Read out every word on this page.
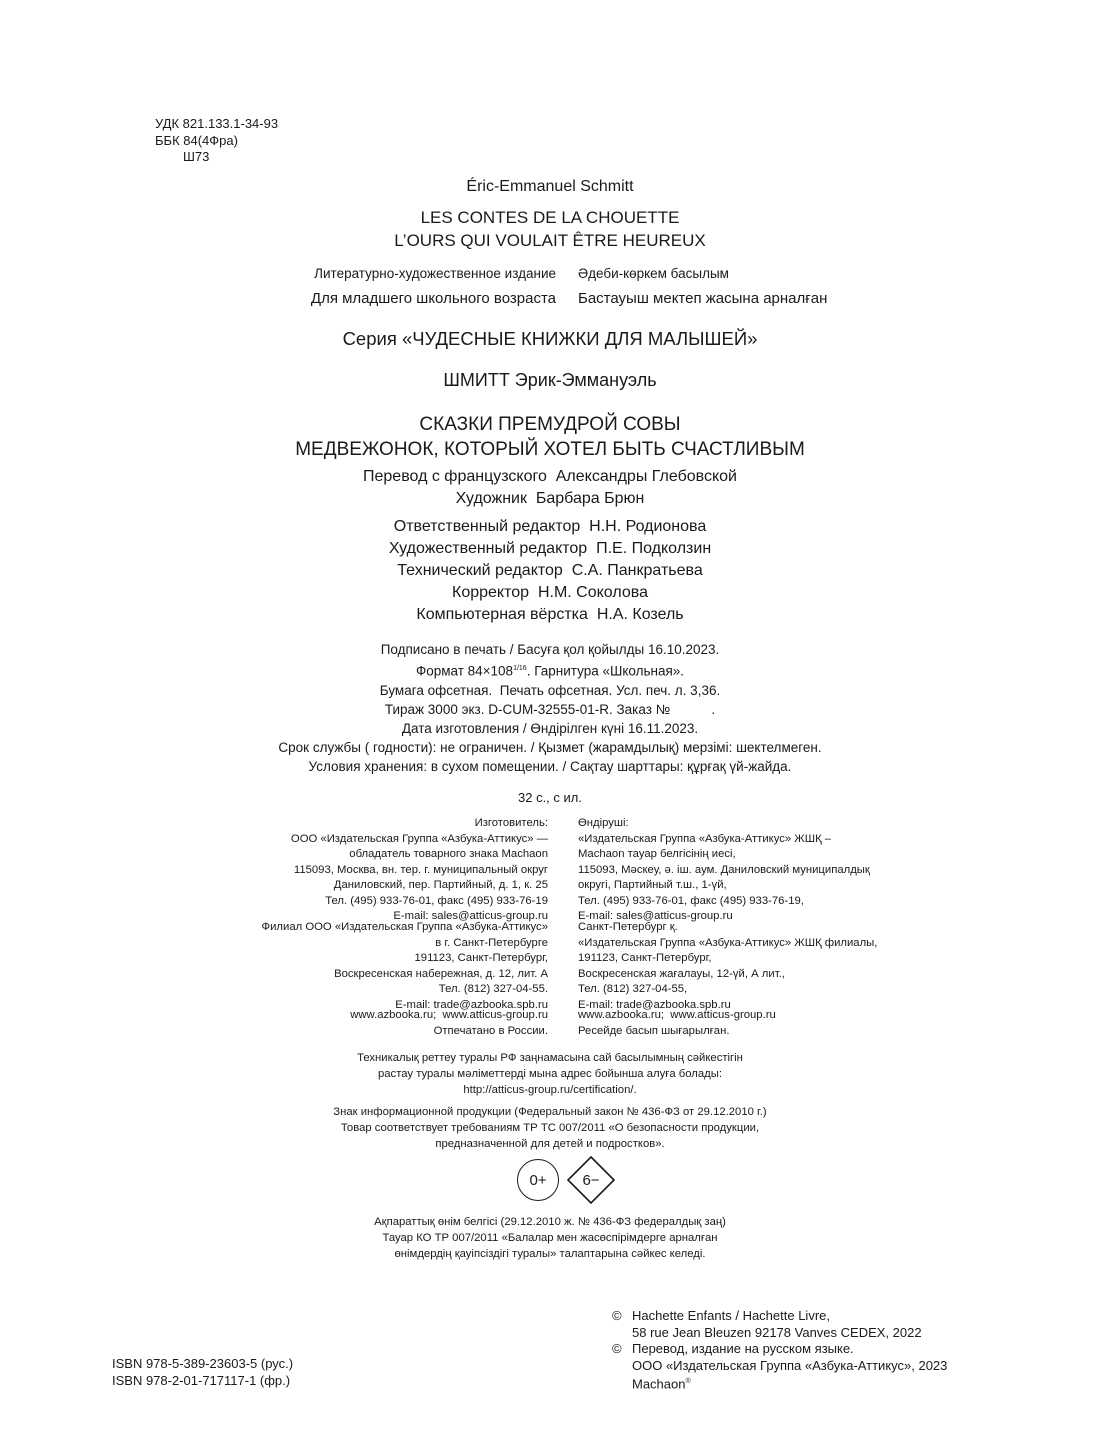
УДК 821.133.1-34-93
ББК 84(4Фра)
Ш73
Éric-Emmanuel Schmitt
LES CONTES DE LA CHOUETTE
L’OURS QUI VOULAIT ÊTRE HEUREUX
Литературно-художественное издание Әдеби-көркем басылым
Для младшего школьного возраста Бастауыш мектеп жасына арналған
Серия «ЧУДЕСНЫЕ КНИЖКИ ДЛЯ МАЛЫШЕЙ»
ШМИТТ Эрик-Эммануэль
СКАЗКИ ПРЕМУДРОЙ СОВЫ
МЕДВЕЖОНОК, КОТОРЫЙ ХОТЕЛ БЫТЬ СЧАСТЛИВЫМ
Перевод с французского  Александры Глебовской
Художник  Барбара Брюн
Ответственный редактор  Н.Н. Родионова
Художественный редактор  П.Е. Подколзин
Технический редактор  С.А. Панкратьева
Корректор  Н.М. Соколова
Компьютерная вёрстка  Н.А. Козель
Подписано в печать / Басуға қол қойылды 16.10.2023.
Формат $84\times 108^{1/16}$. Гарнитура «Школьная».
Бумага офсетная.  Печать офсетная. Усл. печ. л. 3,36.
Тираж 3000 экз. D-CUM-32555-01-R. Заказ №           .
Дата изготовления / Өндірілген күні 16.11.2023.
Срок службы ( годности): не ограничен. / Қызмет (жарамдылық) мерзімі: шектелмеген.
Условия хранения: в сухом помещении. / Сақтау шарттары: құрғақ үй-жайда.
32 с., с ил.
Изготовитель:
ООО «Издательская Группа «Азбука-Аттикус» —
обладатель товарного знака Machaon
115093, Москва, вн. тер. г. муниципальный округ
Даниловский, пер. Партийный, д. 1, к. 25
Тел. (495) 933-76-01, факс (495) 933-76-19
E-mail: sales@atticus-group.ru
Өндіруші:
«Издательская Группа «Азбука-Аттикус» ЖШҚ –
Machaon тауар белгісінің иесі,
115093, Мәскеу, ә. іш. аум. Даниловский муниципалдық
округі, Партийный т.ш., 1-үй,
Тел. (495) 933-76-01, факс (495) 933-76-19,
E-mail: sales@atticus-group.ru
Филиал ООО «Издательская Группа «Азбука-Аттикус»
в г. Санкт-Петербурге
191123, Санкт-Петербург,
Воскресенская набережная, д. 12, лит. А
Тел. (812) 327-04-55.
E-mail: trade@azbooka.spb.ru
Санкт-Петербург қ.
«Издательская Группа «Азбука-Аттикус» ЖШҚ филиалы,
191123, Санкт-Петербург,
Воскресенская жағалауы, 12-үй, А лит.,
Тел. (812) 327-04-55,
E-mail: trade@azbooka.spb.ru
www.azbooka.ru;  www.atticus-group.ru
Отпечатано в России.
www.azbooka.ru;  www.atticus-group.ru
Ресейде басып шығарылған.
Техникалық реттеу туралы РФ заңнамасына сай басылымның сәйкестігін
растау туралы мәліметтерді мына адрес бойынша алуға болады:
http://atticus-group.ru/certification/.
Знак информационной продукции (Федеральный закон № 436-ФЗ от 29.12.2010 г.)
Товар соответствует требованиям ТР ТС 007/2011 «О безопасности продукции,
предназначенной для детей и подростков».
0+ 6−
Ақпараттық өнім белгісі (29.12.2010 ж. № 436-ФЗ федералдық заң)
Тауар КО ТР 007/2011 «Балалар мен жасөспірімдерге арналған
өнімдердің қауіпсіздігі туралы» талаптарына сәйкес келеді.
ISBN 978-5-389-23603-5 (рус.)
ISBN 978-2-01-717117-1 (фр.)
© Hachette Enfants / Hachette Livre,
58 rue Jean Bleuzen 92178 Vanves CEDEX, 2022
© Перевод, издание на русском языке.
ООО «Издательская Группа «Азбука-Аттикус», 2023
Machaon®
